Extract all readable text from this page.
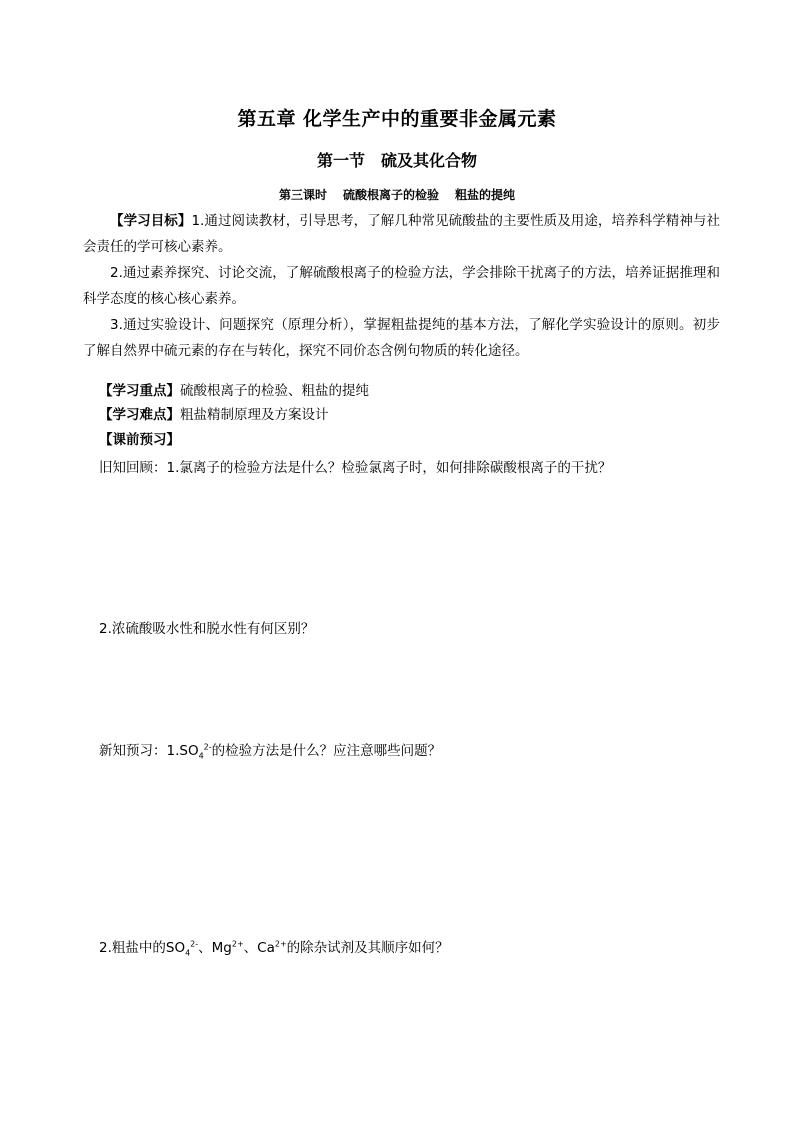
第五章 化学生产中的重要非金属元素
第一节　硫及其化合物
第三课时 硫酸根离子的检验 粗盐的提纯

【学习目标】1.通过阅读教材，引导思考，了解几种常见硫酸盐的主要性质及用途，培养科学精神与社会责任的学可核心素养。

2.通过素养探究、讨论交流，了解硫酸根离子的检验方法，学会排除干扰离子的方法，培养证据推理和科学态度的核心核心素养。

3.通过实验设计、问题探究（原理分析），掌握粗盐提纯的基本方法，了解化学实验设计的原则。初步了解自然界中硫元素的存在与转化，探究不同价态含例句物质的转化途径。

【学习重点】硫酸根离子的检验、粗盐的提纯
【学习难点】粗盐精制原理及方案设计
【课前预习】
旧知回顾：1.氯离子的检验方法是什么？检验氯离子时，如何排除碳酸根离子的干扰？
2.浓硫酸吸水性和脱水性有何区别？
新知预习：$1.SO_4^{2-}$的检验方法是什么？应注意哪些问题？
2.粗盐中的$SO_4^{2-}$、$Mg^{2+}$、$Ca^{2+}$的除杂试剂及其顺序如何？
